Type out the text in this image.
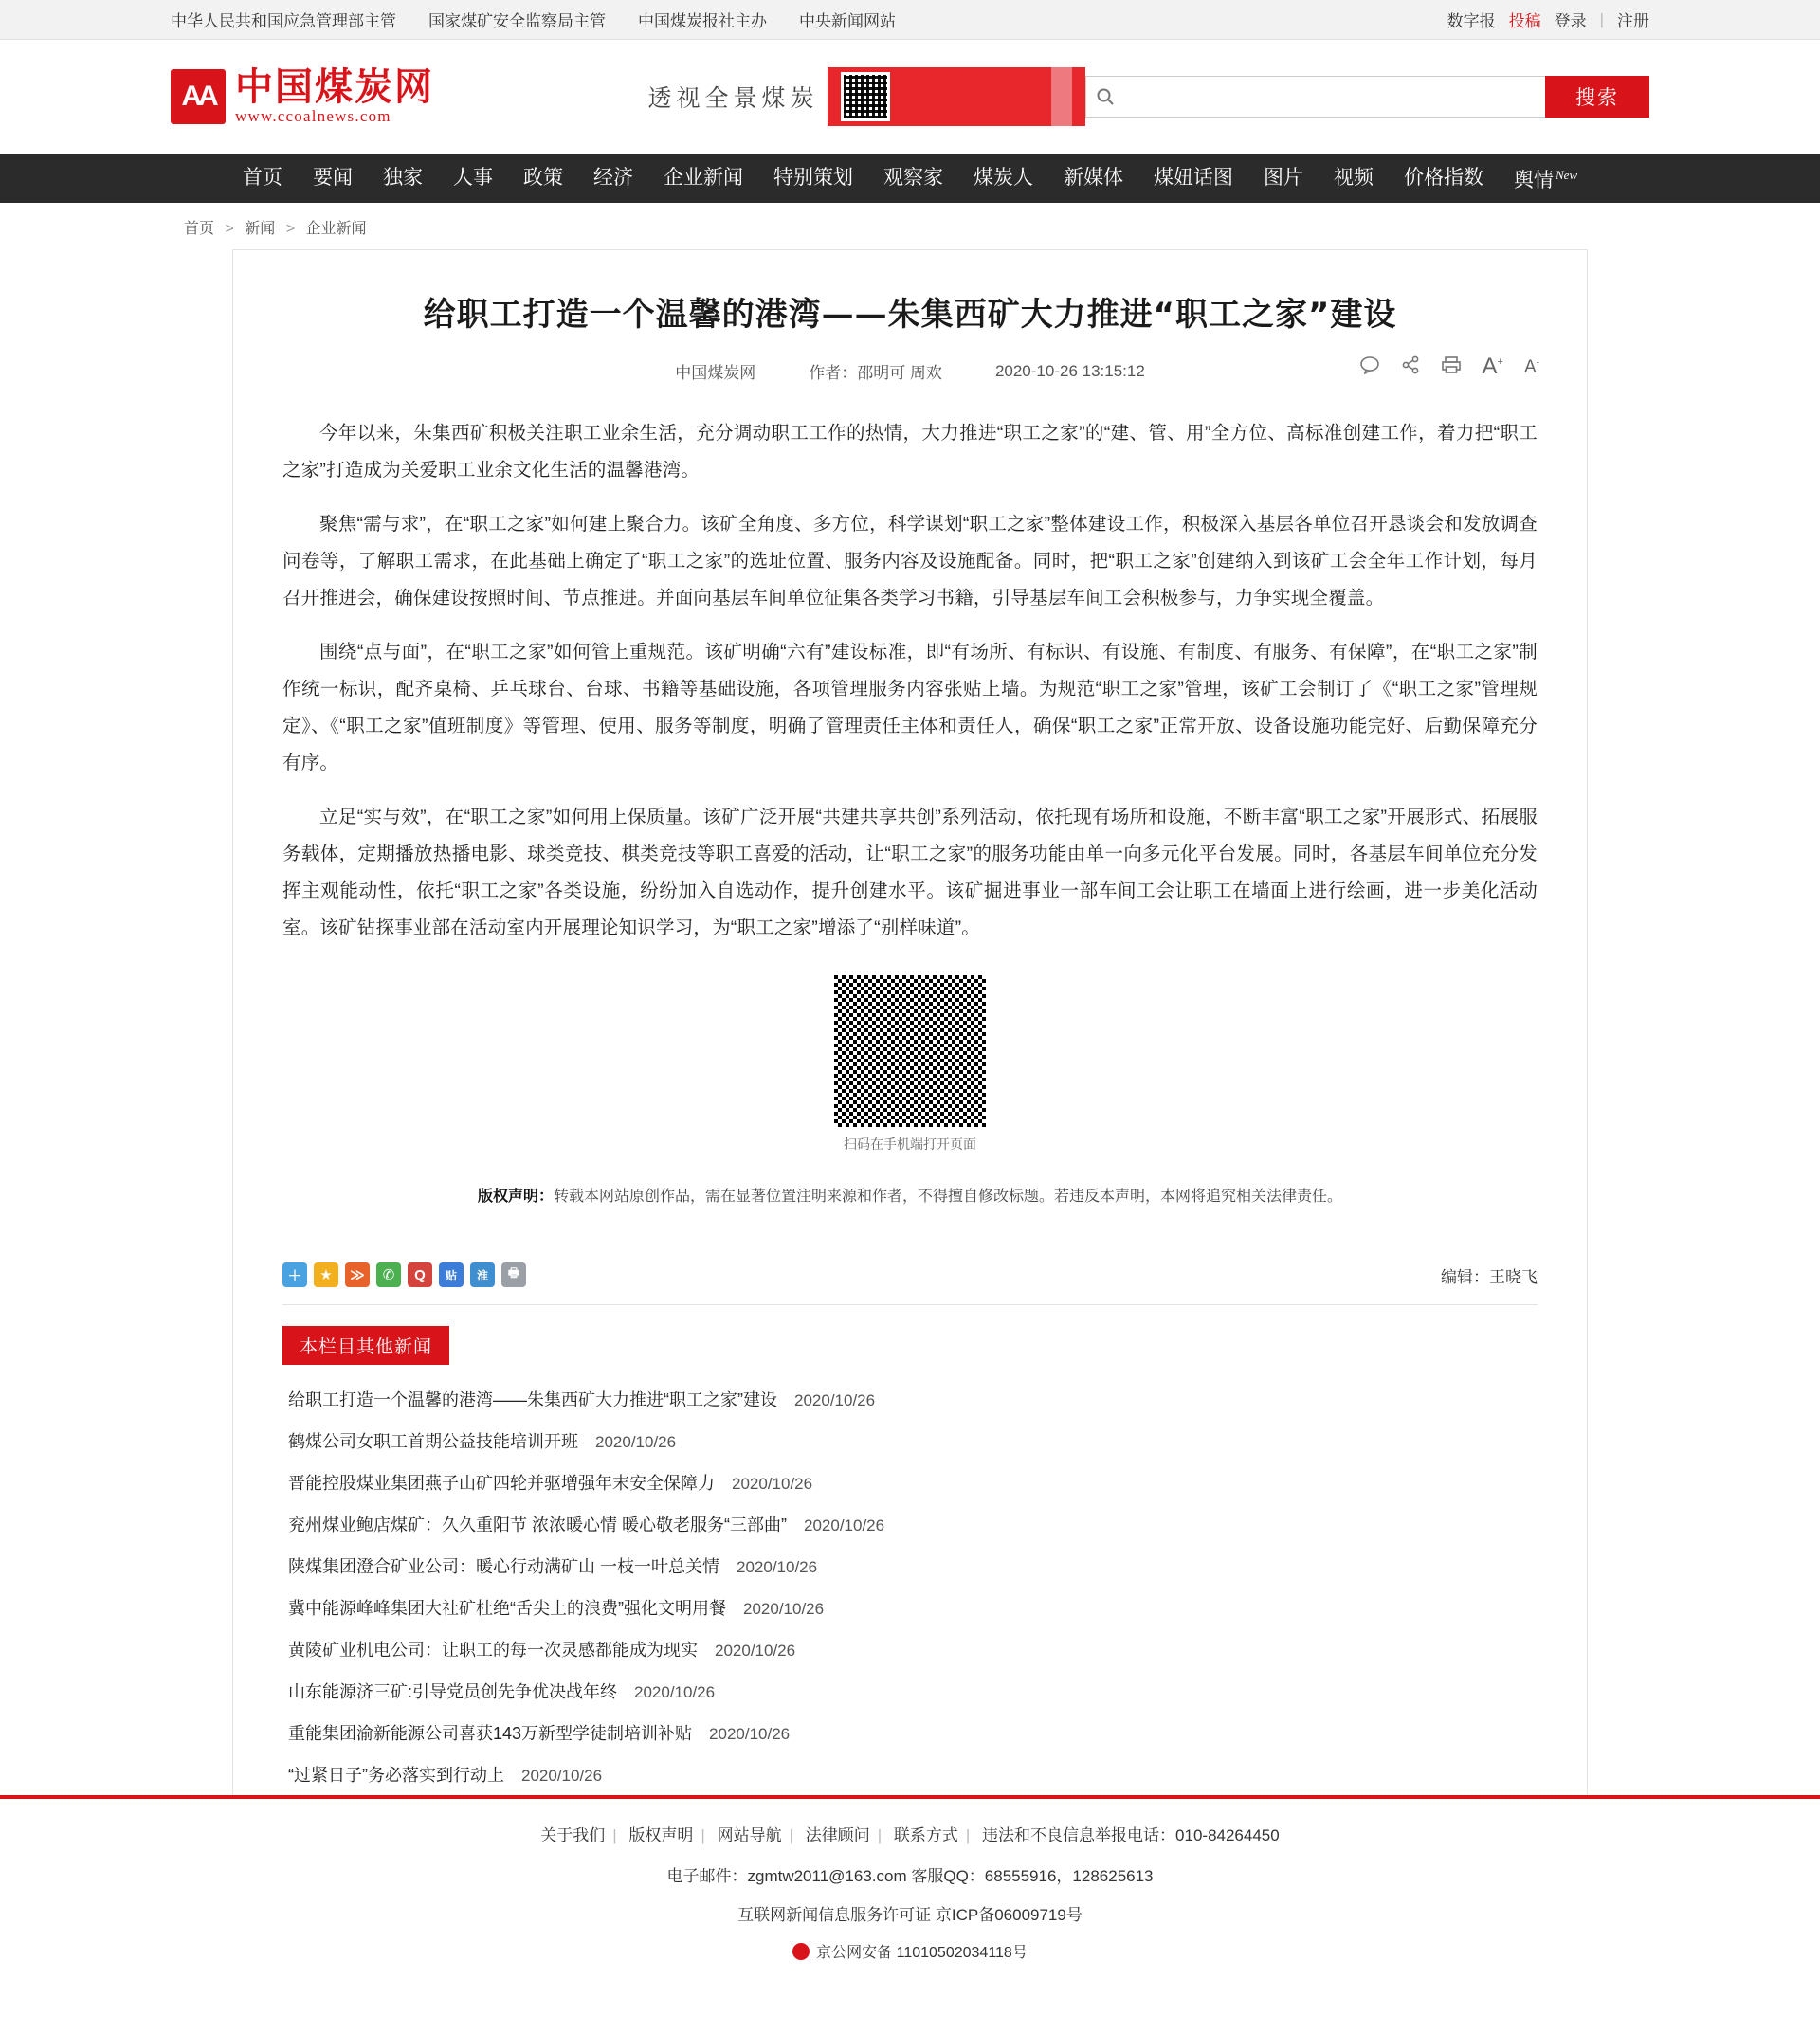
中华人民共和国应急管理部主管 国家煤矿安全监察局主管 中国煤炭报社主办 中央新闻网站	数字报 投稿 登录 | 注册
AA 中国煤炭网
www.ccoalnews.com
透视全景煤炭	搜索
首页	要闻	独家	人事	政策	经济	企业新闻	特别策划	观察家	煤炭人	新媒体	煤妞话图	图片	视频	价格指数	舆情 $^{New}$
首页 > 新闻 > 企业新闻
给职工打造一个温馨的港湾——朱集西矿大力推进“职工之家”建设
中国煤炭网	作者：邵明可 周欢	2020-10-26 13:15:12	A+ A-

今年以来，朱集西矿积极关注职工业余生活，充分调动职工工作的热情，大力推进“职工之家”的“建、管、用”全方位、高标准创建工作，着力把“职工之家”打造成为关爱职工业余文化生活的温馨港湾。

聚焦“需与求”，在“职工之家”如何建上聚合力。该矿全角度、多方位，科学谋划“职工之家”整体建设工作，积极深入基层各单位召开恳谈会和发放调查问卷等，了解职工需求，在此基础上确定了“职工之家”的选址位置、服务内容及设施配备。同时，把“职工之家”创建纳入到该矿工会全年工作计划，每月召开推进会，确保建设按照时间、节点推进。并面向基层车间单位征集各类学习书籍，引导基层车间工会积极参与，力争实现全覆盖。

围绕“点与面”，在“职工之家”如何管上重规范。该矿明确“六有”建设标准，即“有场所、有标识、有设施、有制度、有服务、有保障”，在“职工之家”制作统一标识，配齐桌椅、乒乓球台、台球、书籍等基础设施，各项管理服务内容张贴上墙。为规范“职工之家”管理，该矿工会制订了《“职工之家”管理规定》、《“职工之家”值班制度》等管理、使用、服务等制度，明确了管理责任主体和责任人，确保“职工之家”正常开放、设备设施功能完好、后勤保障充分有序。

立足“实与效”，在“职工之家”如何用上保质量。该矿广泛开展“共建共享共创”系列活动，依托现有场所和设施，不断丰富“职工之家”开展形式、拓展服务载体，定期播放热播电影、球类竞技、棋类竞技等职工喜爱的活动，让“职工之家”的服务功能由单一向多元化平台发展。同时，各基层车间单位充分发挥主观能动性，依托“职工之家”各类设施，纷纷加入自选动作，提升创建水平。该矿掘进事业一部车间工会让职工在墙面上进行绘画，进一步美化活动室。该矿钻探事业部在活动室内开展理论知识学习，为“职工之家”增添了“别样味道”。

扫码在手机端打开页面
版权声明：转载本网站原创作品，需在显著位置注明来源和作者，不得擅自修改标题。若违反本声明，本网将追究相关法律责任。
＋	★	≫	✆	Q	贴	淮	🖶	编辑：王晓飞
本栏目其他新闻
给职工打造一个温馨的港湾——朱集西矿大力推进“职工之家”建设 2020/10/26
鹤煤公司女职工首期公益技能培训开班 2020/10/26
晋能控股煤业集团燕子山矿四轮并驱增强年末安全保障力 2020/10/26
兖州煤业鲍店煤矿：久久重阳节 浓浓暖心情 暖心敬老服务“三部曲” 2020/10/26
陕煤集团澄合矿业公司：暖心行动满矿山 一枝一叶总关情 2020/10/26
冀中能源峰峰集团大社矿杜绝“舌尖上的浪费”强化文明用餐 2020/10/26
黄陵矿业机电公司：让职工的每一次灵感都能成为现实 2020/10/26
山东能源济三矿:引导党员创先争优决战年终 2020/10/26
重能集团渝新能源公司喜获143万新型学徒制培训补贴 2020/10/26
“过紧日子”务必落实到行动上 2020/10/26
关于我们 | 版权声明 | 网站导航 | 法律顾问 | 联系方式 | 违法和不良信息举报电话：010-84264450
电子邮件：zgmtw2011@163.com 客服QQ：68555916，128625613
互联网新闻信息服务许可证 京ICP备06009719号
京公网安备 11010502034118号
